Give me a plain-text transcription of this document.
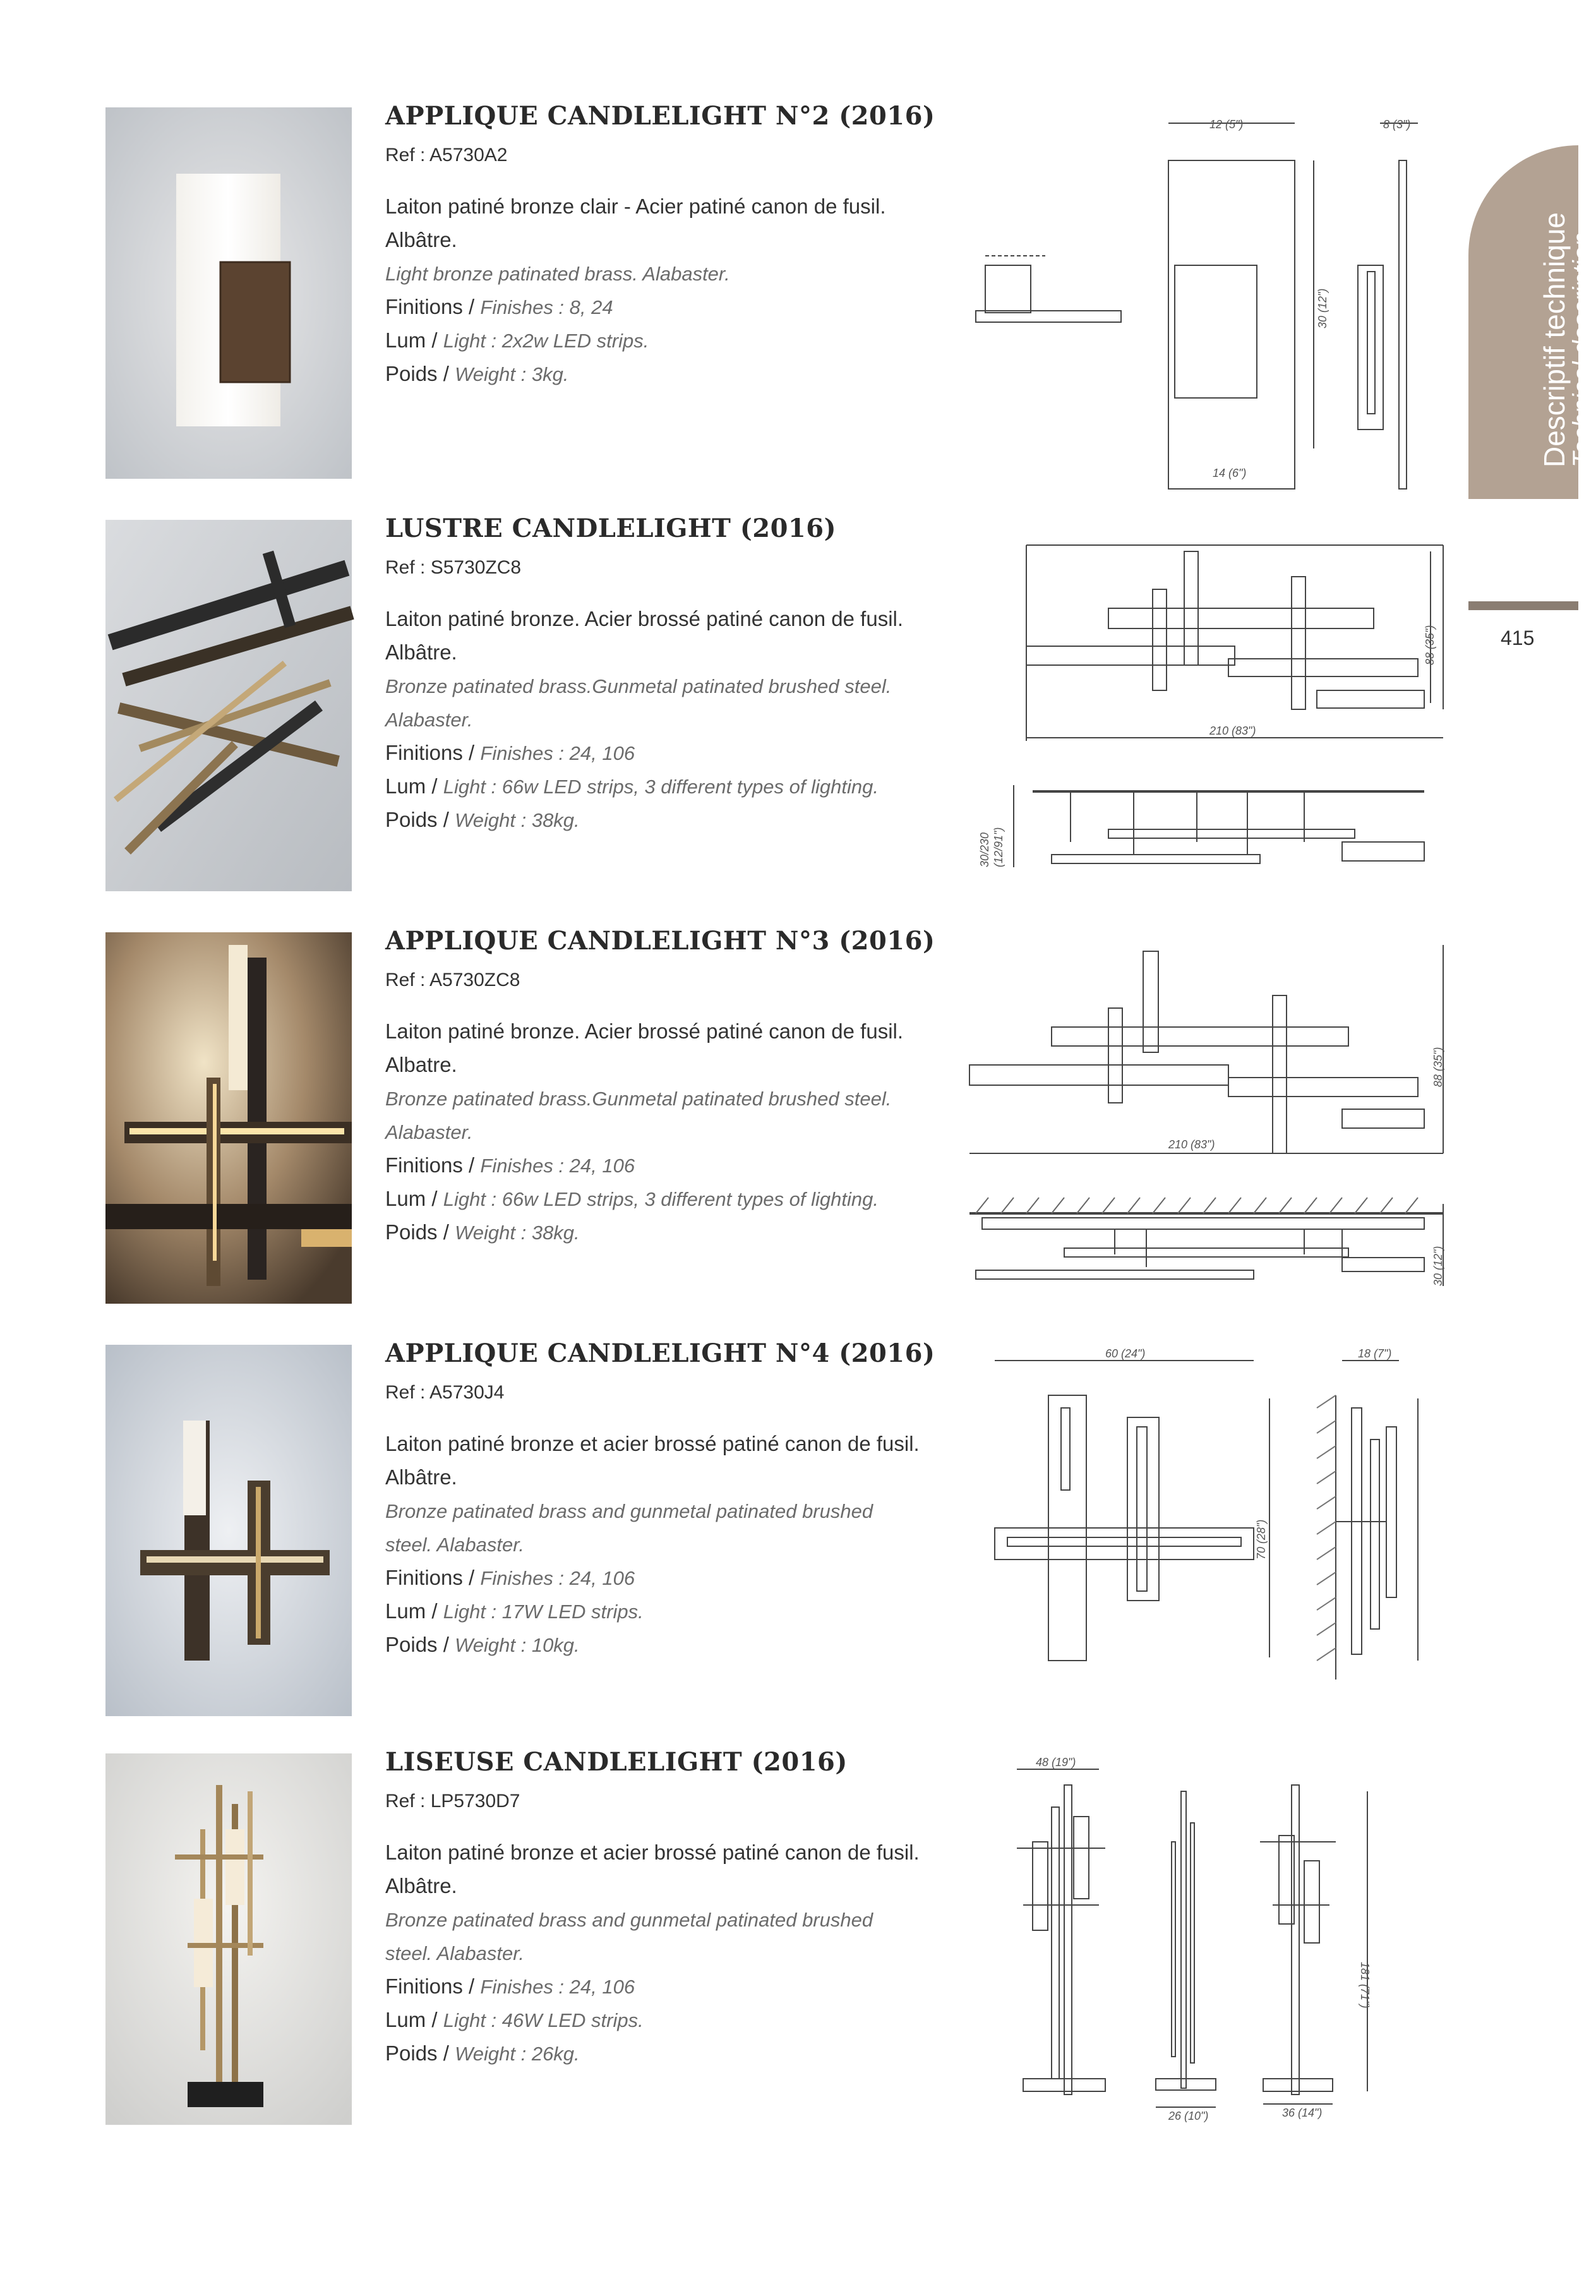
Descriptif technique
Technical description
415
APPLIQUE CANDLELIGHT N°2 (2016)
Ref : A5730A2
Laiton patiné bronze clair - Acier patiné canon de fusil.
Albâtre.
Light bronze patinated brass. Alabaster.
Finitions / Finishes : 8, 24
Lum / Light : 2x2w LED strips.
Poids / Weight : 3kg.
12 (5")	8 (3")
30 (12")
14 (6")
LUSTRE CANDLELIGHT (2016)
Ref : S5730ZC8
Laiton patiné bronze. Acier brossé patiné canon de fusil.
Albâtre.
Bronze patinated brass.Gunmetal patinated brushed steel.
Alabaster.
Finitions / Finishes : 24, 106
Lum / Light : 66w LED strips, 3 different types of lighting.
Poids / Weight : 38kg.
88 (35")
210 (83")
30/230 (12/91")
APPLIQUE CANDLELIGHT N°3 (2016)
Ref : A5730ZC8
Laiton patiné bronze. Acier brossé patiné canon de fusil.
Albatre.
Bronze patinated brass.Gunmetal patinated brushed steel.
Alabaster.
Finitions / Finishes : 24, 106
Lum / Light : 66w LED strips, 3 different types of lighting.
Poids / Weight : 38kg.
88 (35")
210 (83")
30 (12")
APPLIQUE CANDLELIGHT N°4 (2016)
Ref : A5730J4
Laiton patiné bronze et acier brossé patiné canon de fusil.
Albâtre.
Bronze patinated brass and gunmetal patinated brushed
steel. Alabaster.
Finitions / Finishes : 24, 106
Lum / Light : 17W LED strips.
Poids / Weight : 10kg.
60 (24")	18 (7")
70 (28")
LISEUSE CANDLELIGHT (2016)
Ref : LP5730D7
Laiton patiné bronze et acier brossé patiné canon de fusil.
Albâtre.
Bronze patinated brass and gunmetal patinated brushed
steel. Alabaster.
Finitions / Finishes : 24, 106
Lum / Light : 46W LED strips.
Poids / Weight : 26kg.
48 (19")
181 (71")
26 (10")	36 (14")
